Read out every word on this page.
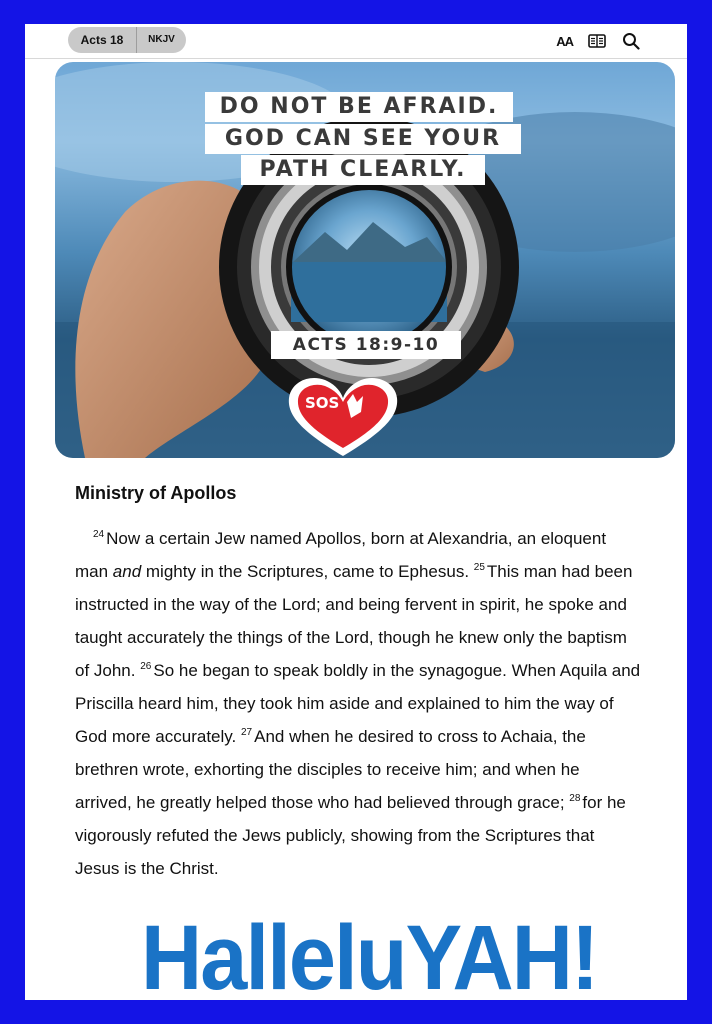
Acts 18	NKJV	AA
DO NOT BE AFRAID.
GOD CAN SEE YOUR
PATH CLEARLY.
ACTS 18:9-10
SOS
Ministry of Apollos
$^{24}$ Now a certain Jew named Apollos, born at Alexandria, an eloquent man and mighty in the Scriptures, came to Ephesus. $^{25}$ This man had been instructed in the way of the Lord; and being fervent in spirit, he spoke and taught accurately the things of the Lord, though he knew only the baptism of John. $^{26}$ So he began to speak boldly in the synagogue. When Aquila and Priscilla heard him, they took him aside and explained to him the way of God more accurately. $^{27}$ And when he desired to cross to Achaia, the brethren wrote, exhorting the disciples to receive him; and when he arrived, he greatly helped those who had believed through grace; $^{28}$ for he vigorously refuted the Jews publicly, showing from the Scriptures that Jesus is the Christ.
HalleluYAH!
